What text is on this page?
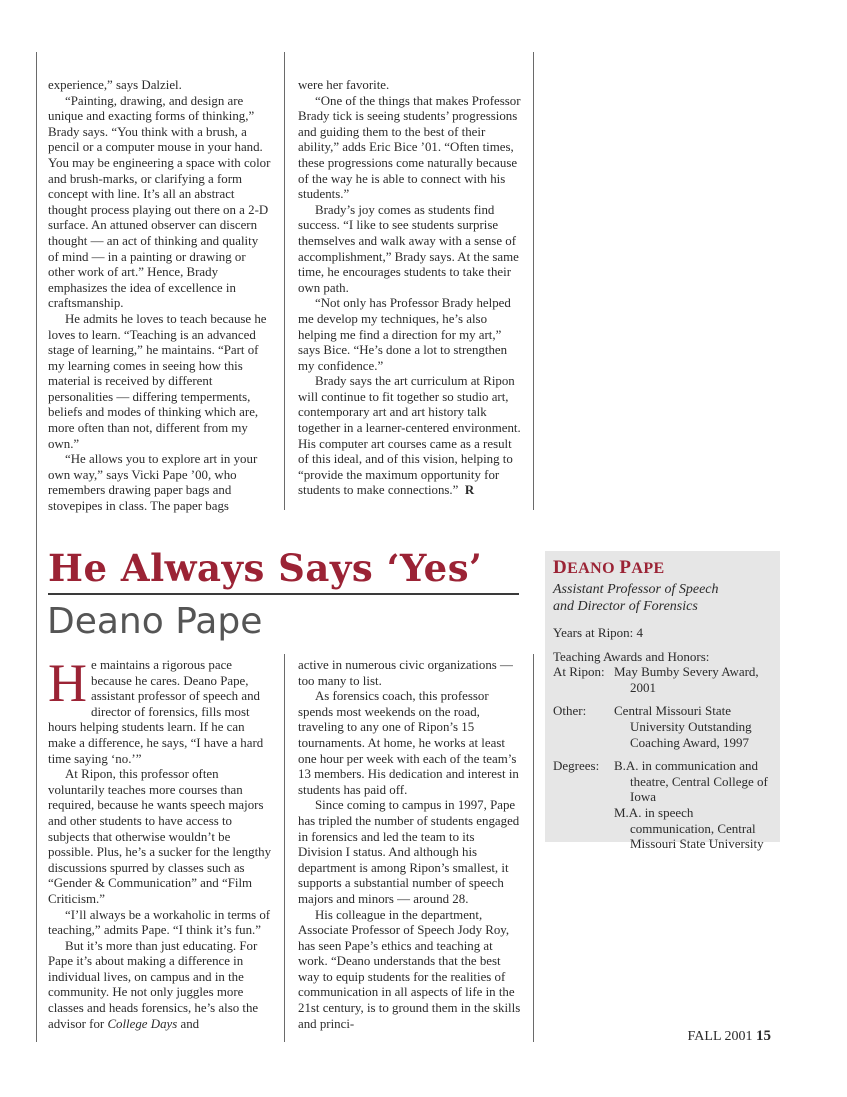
experience,” says Dalziel.

“Painting, drawing, and design are unique and exacting forms of thinking,” Brady says. “You think with a brush, a pencil or a computer mouse in your hand. You may be engineering a space with color and brush-marks, or clarifying a form concept with line. It’s all an abstract thought process playing out there on a 2-D surface. An attuned observer can discern thought — an act of thinking and quality of mind — in a painting or drawing or other work of art.” Hence, Brady emphasizes the idea of excellence in craftsmanship.

He admits he loves to teach because he loves to learn. “Teaching is an advanced stage of learning,” he maintains. “Part of my learning comes in seeing how this material is received by different personalities — differing temperments, beliefs and modes of thinking which are, more often than not, different from my own.”

“He allows you to explore art in your own way,” says Vicki Pape ’00, who remembers drawing paper bags and stovepipes in class. The paper bags

were her favorite.

“One of the things that makes Professor Brady tick is seeing students’ progressions and guiding them to the best of their ability,” adds Eric Bice ’01. “Often times, these progressions come naturally because of the way he is able to connect with his students.”

Brady’s joy comes as students find success. “I like to see students surprise themselves and walk away with a sense of accomplishment,” Brady says. At the same time, he encourages students to take their own path.

“Not only has Professor Brady helped me develop my techniques, he’s also helping me find a direction for my art,” says Bice. “He’s done a lot to strengthen my confidence.”

Brady says the art curriculum at Ripon will continue to fit together so studio art, contemporary art and art history talk together in a learner-centered environment. His computer art courses came as a result of this ideal, and of this vision, helping to “provide the maximum opportunity for students to make connections.” R

He Always Says ‘Yes’
Deano Pape

He maintains a rigorous pace because he cares. Deano Pape, assistant professor of speech and director of forensics, fills most hours helping students learn. If he can make a difference, he says, “I have a hard time saying ‘no.’”

At Ripon, this professor often voluntarily teaches more courses than required, because he wants speech majors and other students to have access to subjects that otherwise wouldn’t be possible. Plus, he’s a sucker for the lengthy discussions spurred by classes such as “Gender & Communication” and “Film Criticism.”

“I’ll always be a workaholic in terms of teaching,” admits Pape. “I think it’s fun.”

But it’s more than just educating. For Pape it’s about making a difference in individual lives, on campus and in the community. He not only juggles more classes and heads forensics, he’s also the advisor for College Days and

active in numerous civic organizations — too many to list.

As forensics coach, this professor spends most weekends on the road, traveling to any one of Ripon’s 15 tournaments. At home, he works at least one hour per week with each of the team’s 13 members. His dedication and interest in students has paid off.

Since coming to campus in 1997, Pape has tripled the number of students engaged in forensics and led the team to its Division I status. And although his department is among Ripon’s smallest, it supports a substantial number of speech majors and minors — around 28.

His colleague in the department, Associate Professor of Speech Jody Roy, has seen Pape’s ethics and teaching at work. “Deano understands that the best way to equip students for the realities of communication in all aspects of life in the 21st century, is to ground them in the skills and princi-

DEANO PAPE
Assistant Professor of Speech
and Director of Forensics

Years at Ripon: 4

Teaching Awards and Honors:

At Ripon: May Bumby Severy Award, 2001
Other:	Central Missouri State University Outstanding Coaching Award, 1997
Degrees:	B.A. in communication and theatre, Central College of Iowa
M.A. in speech communication, Central Missouri State University
FALL 2001 15
